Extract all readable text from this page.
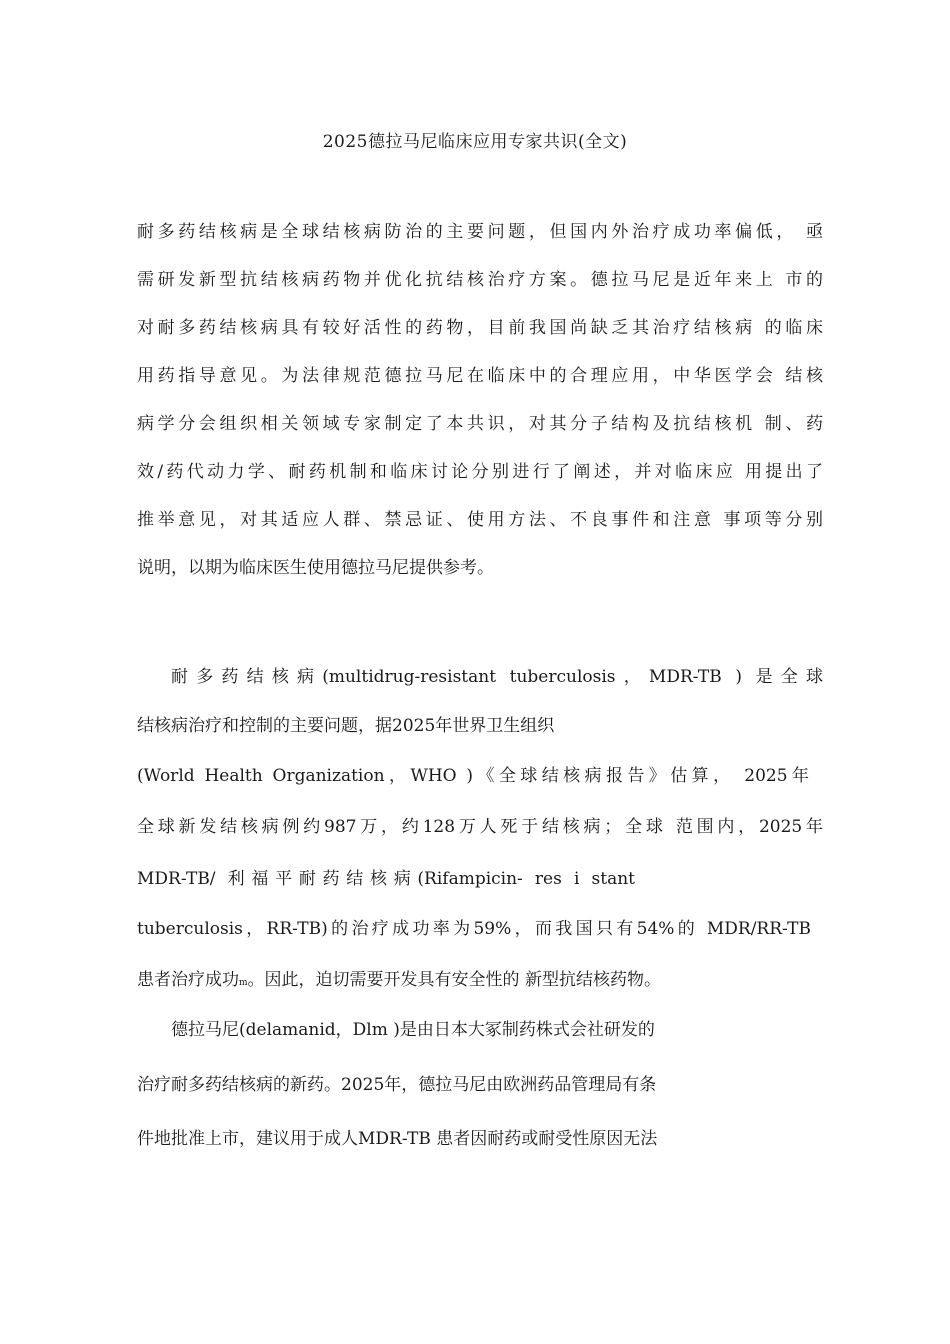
2025德拉马尼临床应用专家共识(全文)
耐多药结核病是全球结核病防治的主要问题，但国内外治疗成功率偏低， 亟
需研发新型抗结核病药物并优化抗结核治疗方案。德拉马尼是近年来上 市的
对耐多药结核病具有较好活性的药物，目前我国尚缺乏其治疗结核病 的临床
用药指导意见。为法律规范德拉马尼在临床中的合理应用，中华医学会 结核
病学分会组织相关领域专家制定了本共识，对其分子结构及抗结核机 制、药
效/药代动力学、耐药机制和临床讨论分别进行了阐述，并对临床应 用提出了
推举意见，对其适应人群、禁忌证、使用方法、不良事件和注意 事项等分别
说明，以期为临床医生使用德拉马尼提供参考。
耐多药结核病(multidrug-resistant tuberculosis，MDR-TB ) 是全球
结核病治疗和控制的主要问题，据2025年世界卫生组织
(World Health Organization，WHO )《全球结核病报告》估算， 2025年
全球新发结核病例约987万，约128万人死于结核病；全球 范围内，2025年
MDR-TB/ 利福平耐药结核病(Rifampicin- res i stant
tuberculosis，RR-TB)的治疗成功率为59%，而我国只有54%的 MDR/RR-TB
患者治疗成功m。因此，迫切需要开发具有安全性的 新型抗结核药物。
德拉马尼(delamanid，Dlm )是由日本大冢制药株式会社研发的
治疗耐多药结核病的新药。2025年，德拉马尼由欧洲药品管理局有条
件地批准上市，建议用于成人MDR-TB 患者因耐药或耐受性原因无法
